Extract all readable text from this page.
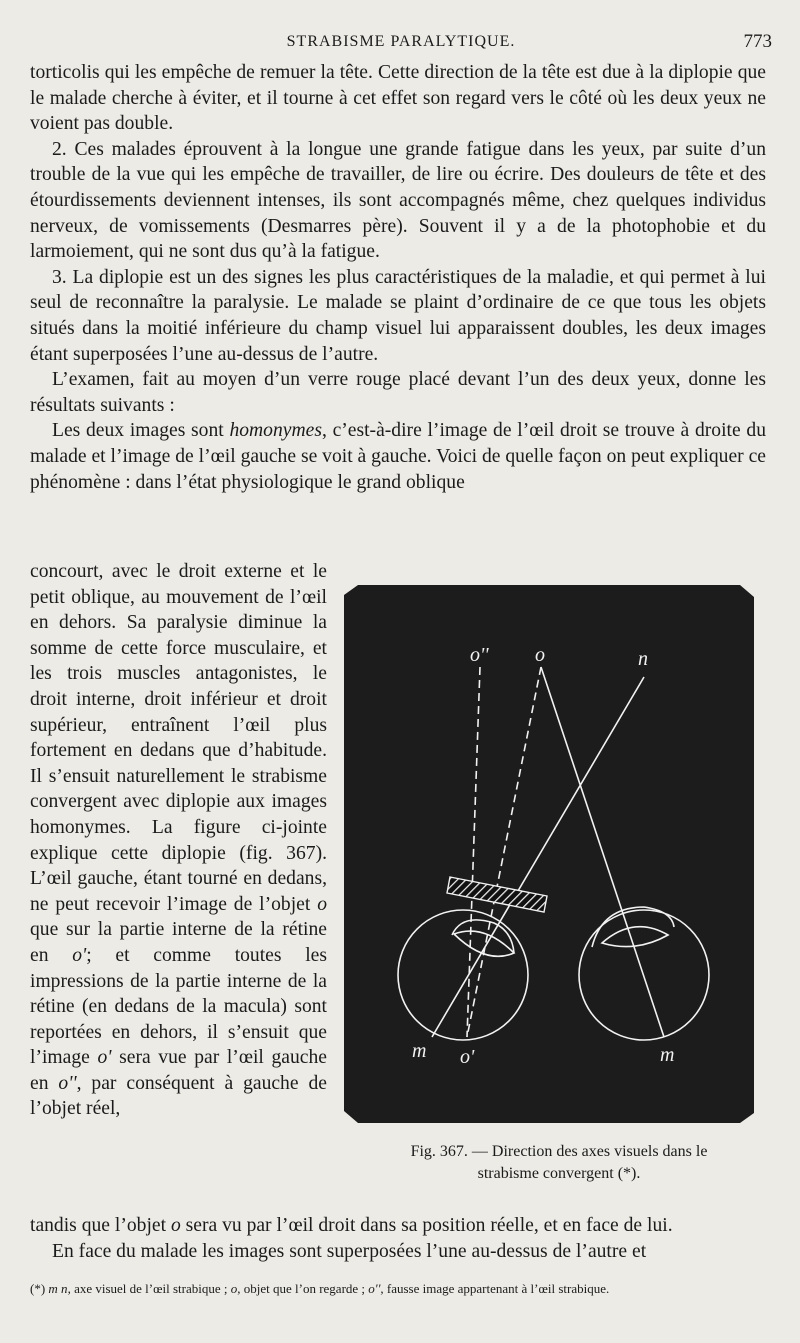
STRABISME PARALYTIQUE.	773

torticolis qui les empêche de remuer la tête. Cette direction de la tête est due à la diplopie que le malade cherche à éviter, et il tourne à cet effet son regard vers le côté où les deux yeux ne voient pas double.

2. Ces malades éprouvent à la longue une grande fatigue dans les yeux, par suite d’un trouble de la vue qui les empêche de travailler, de lire ou écrire. Des douleurs de tête et des étourdissements deviennent intenses, ils sont accompagnés même, chez quelques individus nerveux, de vomissements (Desmarres père). Souvent il y a de la photophobie et du larmoiement, qui ne sont dus qu’à la fatigue.

3. La diplopie est un des signes les plus caractéristiques de la maladie, et qui permet à lui seul de reconnaître la paralysie. Le malade se plaint d’ordinaire de ce que tous les objets situés dans la moitié inférieure du champ visuel lui apparaissent doubles, les deux images étant superposées l’une au-dessus de l’autre.

L’examen, fait au moyen d’un verre rouge placé devant l’un des deux yeux, donne les résultats suivants :

Les deux images sont homonymes, c’est-à-dire l’image de l’œil droit se trouve à droite du malade et l’image de l’œil gauche se voit à gauche. Voici de quelle façon on peut expliquer ce phénomène : dans l’état physiologique le grand oblique

concourt, avec le droit externe et le petit oblique, au mouvement de l’œil en dehors. Sa paralysie diminue la somme de cette force musculaire, et les trois muscles antagonistes, le droit interne, droit inférieur et droit supérieur, entraînent l’œil plus fortement en dedans que d’habitude. Il s’ensuit naturellement le strabisme convergent avec diplopie aux images homonymes. La figure ci-jointe explique cette diplopie (fig. 367). L’œil gauche, étant tourné en dedans, ne peut recevoir l’image de l’objet o que sur la partie interne de la rétine en o'; et comme toutes les impressions de la partie interne de la rétine (en dedans de la macula) sont reportées en dehors, il s’ensuit que l’image o' sera vue par l’œil gauche en o'', par conséquent à gauche de l’objet réel,

o'' o	n
o'
m	m
Fig. 367. — Direction des axes visuels dans le strabisme convergent (*).

tandis que l’objet o sera vu par l’œil droit dans sa position réelle, et en face de lui.

En face du malade les images sont superposées l’une au-dessus de l’autre et

(*) m n, axe visuel de l’œil strabique ; o, objet que l’on regarde ; o'', fausse image appartenant à l’œil strabique.
